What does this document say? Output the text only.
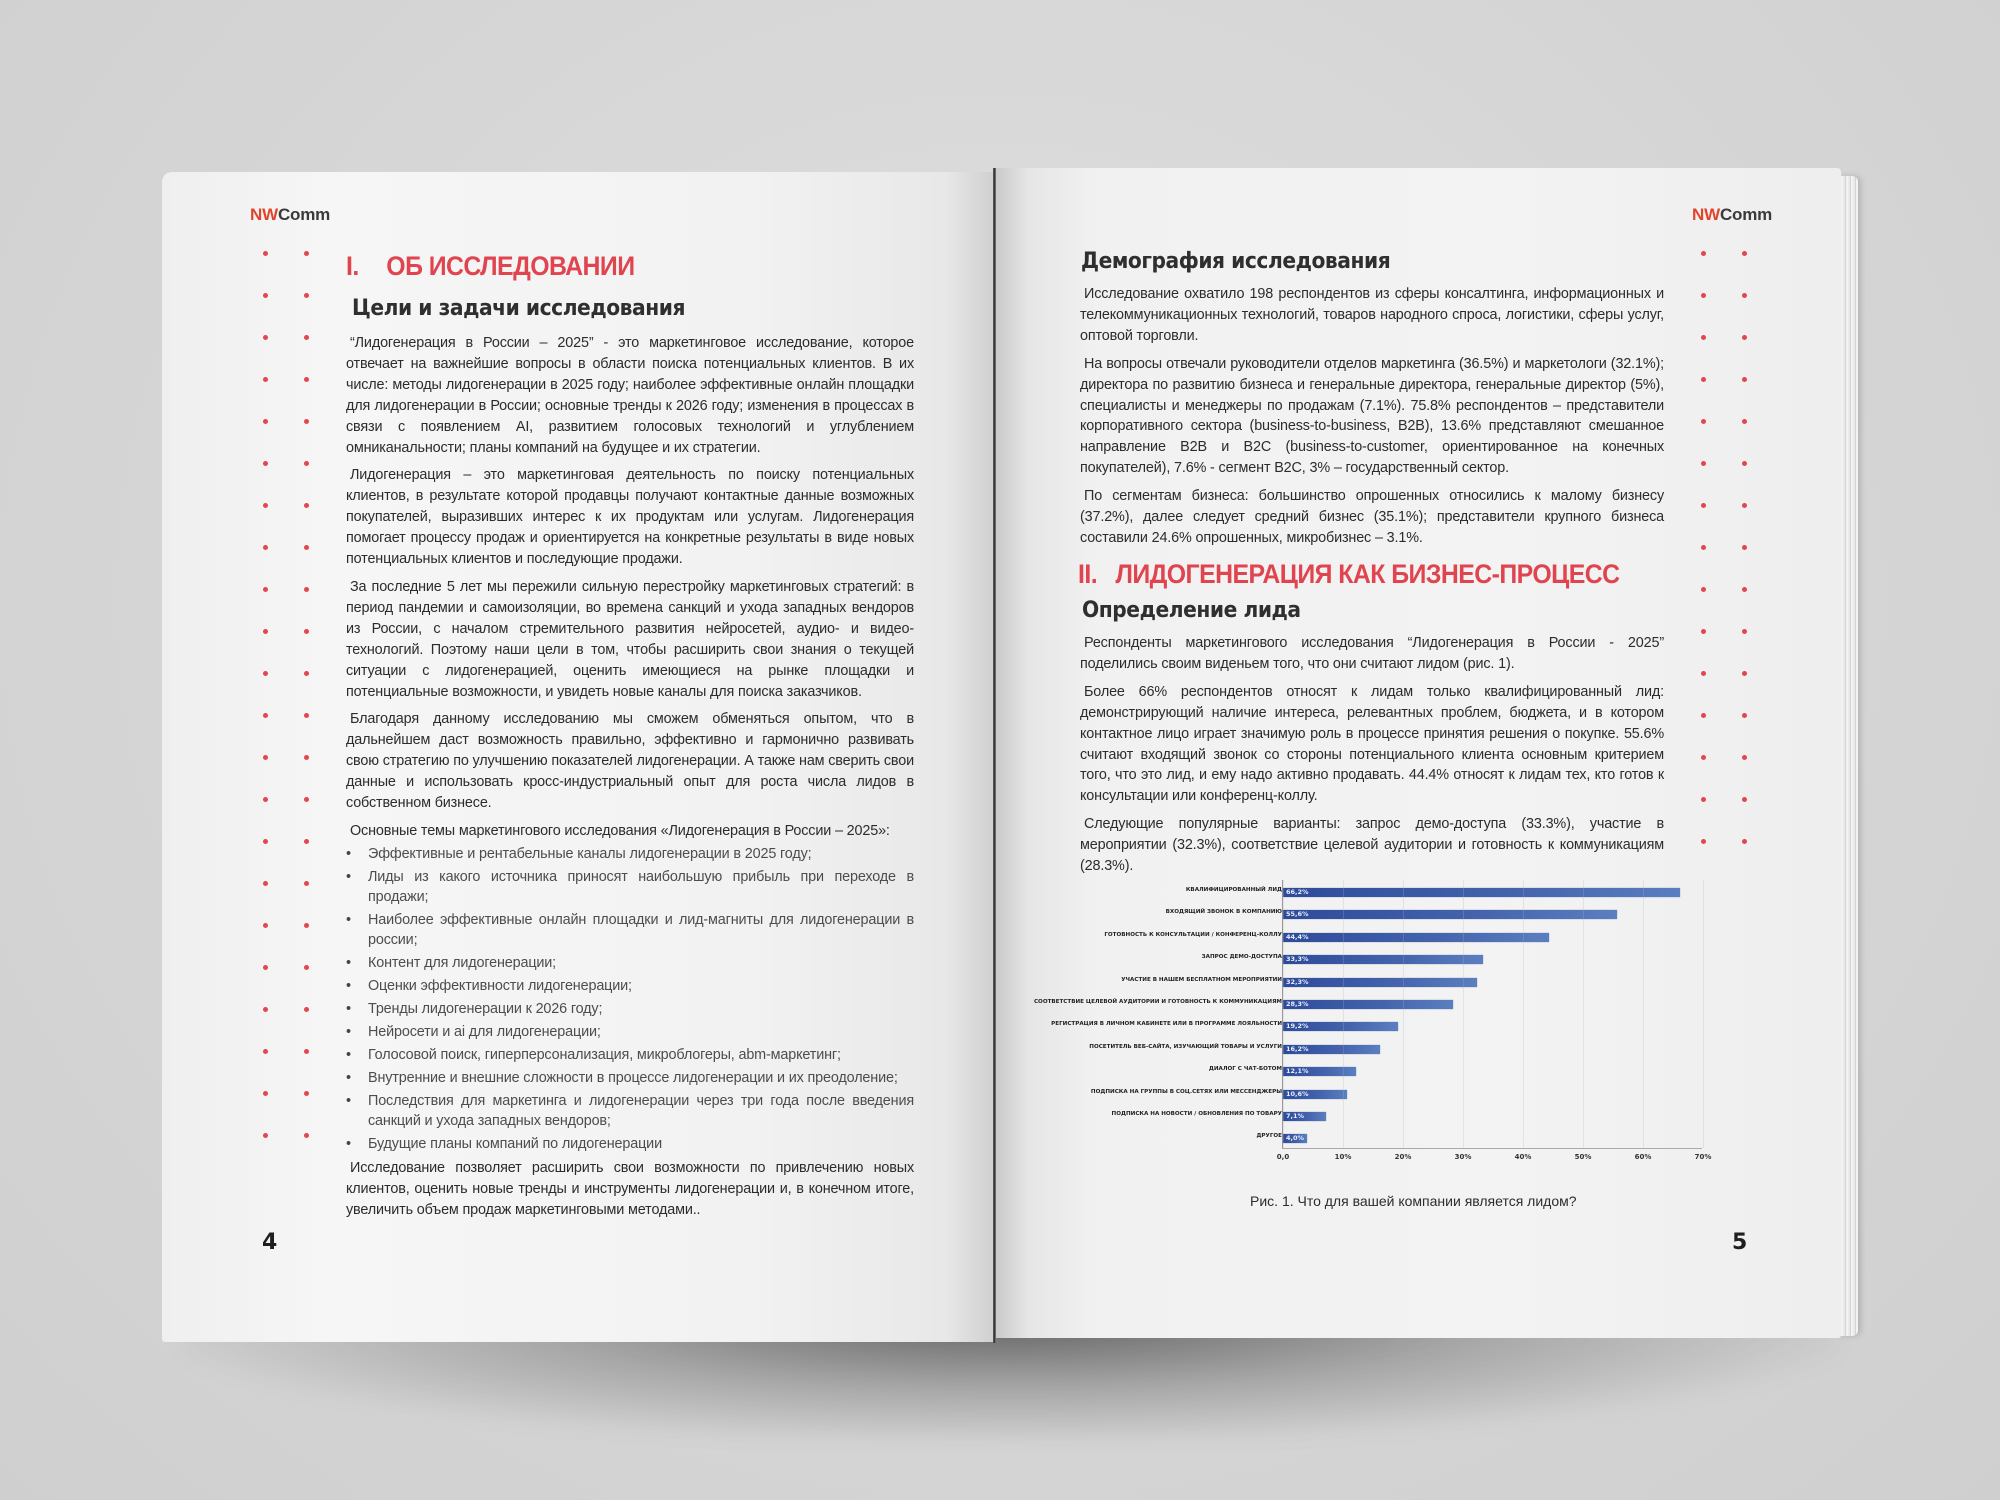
NWComm
I. ОБ ИССЛЕДОВАНИИ
Цели и задачи исследования

“Лидогенерация в России – 2025” - это маркетинговое исследование, которое отвечает на важнейшие вопросы в области поиска потенциальных клиентов. В их числе: методы лидогенерации в 2025 году; наиболее эффективные онлайн площадки для лидогенерации в России; основные тренды к 2026 году; изменения в процессах в связи с появлением AI, развитием голосовых технологий и углублением омниканальности; планы компаний на будущее и их стратегии.

Лидогенерация – это маркетинговая деятельность по поиску потенциальных клиентов, в результате которой продавцы получают контактные данные возможных покупателей, выразивших интерес к их продуктам или услугам. Лидогенерация помогает процессу продаж и ориентируется на конкретные результаты в виде новых потенциальных клиентов и последующие продажи.

За последние 5 лет мы пережили сильную перестройку маркетинговых стратегий: в период пандемии и самоизоляции, во времена санкций и ухода западных вендоров из России, с началом стремительного развития нейросетей, аудио- и видео-технологий. Поэтому наши цели в том, чтобы расширить свои знания о текущей ситуации с лидогенерацией, оценить имеющиеся на рынке площадки и потенциальные возможности, и увидеть новые каналы для поиска заказчиков.

Благодаря данному исследованию мы сможем обменяться опытом, что в дальнейшем даст возможность правильно, эффективно и гармонично развивать свою стратегию по улучшению показателей лидогенерации. А также нам сверить свои данные и использовать кросс-индустриальный опыт для роста числа лидов в собственном бизнесе.

Основные темы маркетингового исследования «Лидогенерация в России – 2025»:

• Эффективные и рентабельные каналы лидогенерации в 2025 году;
• Лиды из какого источника приносят наибольшую прибыль при переходе в продажи;
• Наиболее эффективные онлайн площадки и лид-магниты для лидогенерации в россии;
• Контент для лидогенерации;
• Оценки эффективности лидогенерации;
• Тренды лидогенерации к 2026 году;
• Нейросети и ai для лидогенерации;
• Голосовой поиск, гиперперсонализация, микроблогеры, abm-маркетинг;
• Внутренние и внешние сложности в процессе лидогенерации и их преодоление;
• Последствия для маркетинга и лидогенерации через три года после введения санкций и ухода западных вендоров;
• Будущие планы компаний по лидогенерации

Исследование позволяет расширить свои возможности по привлечению новых клиентов, оценить новые тренды и инструменты лидогенерации и, в конечном итоге, увеличить объем продаж маркетинговыми методами..

4
NWComm
Демография исследования

Исследование охватило 198 респондентов из сферы консалтинга, информационных и телекоммуникационных технологий, товаров народного спроса, логистики, сферы услуг, оптовой торговли.

На вопросы отвечали руководители отделов маркетинга (36.5%) и маркетологи (32.1%); директора по развитию бизнеса и генеральные директора, генеральные директор (5%), специалисты и менеджеры по продажам (7.1%). 75.8% респондентов – представители корпоративного сектора (business-to-business, B2B), 13.6% представляют смешанное направление B2B и B2C (business-to-customer, ориентированное на конечных покупателей), 7.6% - сегмент B2C, 3% – государственный сектор.

По сегментам бизнеса: большинство опрошенных относились к малому бизнесу (37.2%), далее следует средний бизнес (35.1%); представители крупного бизнеса составили 24.6% опрошенных, микробизнес – 3.1%.

II. ЛИДОГЕНЕРАЦИЯ КАК БИЗНЕС-ПРОЦЕСС
Определение лида

Респонденты маркетингового исследования “Лидогенерация в России - 2025” поделились своим виденьем того, что они считают лидом (рис. 1).

Более 66% респондентов относят к лидам только квалифицированный лид: демонстрирующий наличие интереса, релевантных проблем, бюджета, и в котором контактное лицо играет значимую роль в процессе принятия решения о покупке. 55.6% считают входящий звонок со стороны потенциального клиента основным критерием того, что это лид, и ему надо активно продавать. 44.4% относят к лидам тех, кто готов к консультации или конференц-коллу.

Следующие популярные варианты: запрос демо-доступа (33.3%), участие в мероприятии (32.3%), соответствие целевой аудитории и готовность к коммуникациям (28.3%).

КВАЛИФИЦИРОВАННЫЙ ЛИД 66,2%
ВХОДЯЩИЙ ЗВОНОК В КОМПАНИЮ 55,6%
ГОТОВНОСТЬ К КОНСУЛЬТАЦИИ / КОНФЕРЕНЦ-КОЛЛУ 44,4%
ЗАПРОС ДЕМО-ДОСТУПА 33,3%
УЧАСТИЕ В НАШЕМ БЕСПЛАТНОМ МЕРОПРИЯТИИ 32,3%
СООТВЕТСТВИЕ ЦЕЛЕВОЙ АУДИТОРИИ И ГОТОВНОСТЬ К КОММУНИКАЦИЯМ 28,3%
РЕГИСТРАЦИЯ В ЛИЧНОМ КАБИНЕТЕ ИЛИ В ПРОГРАММЕ ЛОЯЛЬНОСТИ 19,2%
ПОСЕТИТЕЛЬ ВЕБ-САЙТА, ИЗУЧАЮЩИЙ ТОВАРЫ И УСЛУГИ 16,2%
ДИАЛОГ С ЧАТ-БОТОМ 12,1%
ПОДПИСКА НА ГРУППЫ В СОЦ.СЕТЯХ ИЛИ МЕССЕНДЖЕРЫ 10,6%
ПОДПИСКА НА НОВОСТИ / ОБНОВЛЕНИЯ ПО ТОВАРУ 7,1%
ДРУГОЕ 4,0%
0,0	10%	20%	30%	40%	50%	60%	70%
Рис. 1. Что для вашей компании является лидом?
5
